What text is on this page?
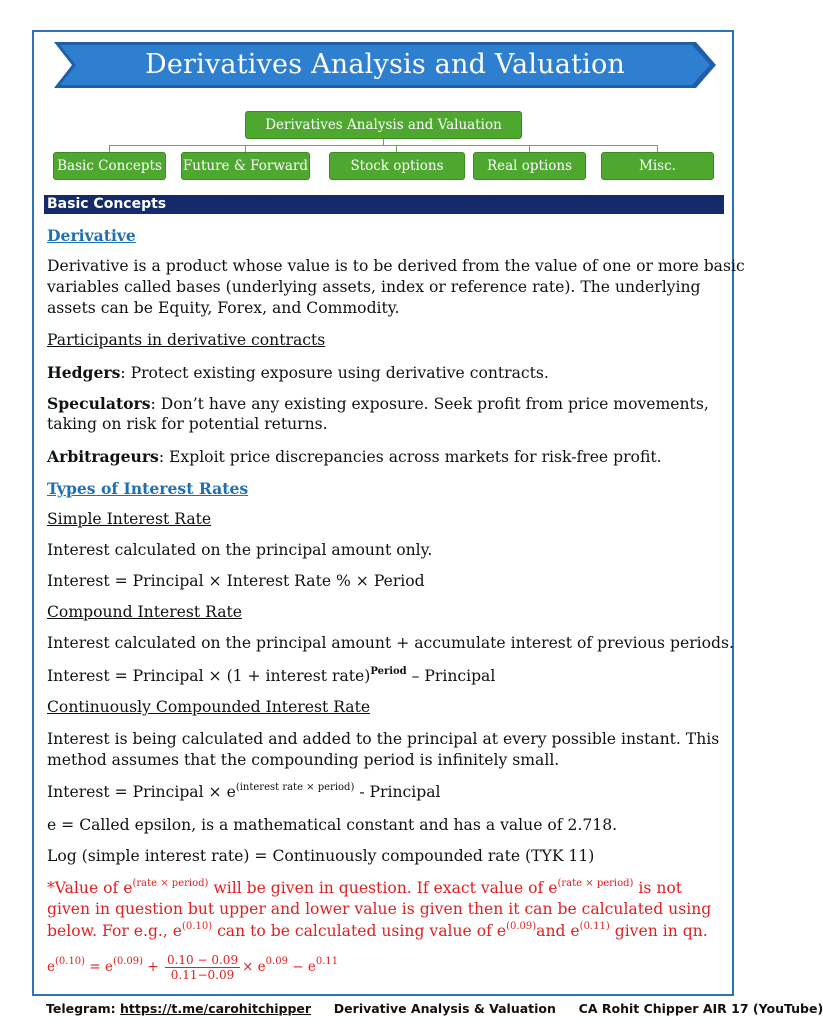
Derivatives Analysis and Valuation
Derivatives Analysis and Valuation
Basic Concepts	Future & Forward	Stock options	Real options	Misc.
Basic Concepts
Derivative
Derivative is a product whose value is to be derived from the value of one or more basic
variables called bases (underlying assets, index or reference rate). The underlying
assets can be Equity, Forex, and Commodity.
Participants in derivative contracts
Hedgers: Protect existing exposure using derivative contracts.
Speculators: Don’t have any existing exposure. Seek profit from price movements,
taking on risk for potential returns.
Arbitrageurs: Exploit price discrepancies across markets for risk-free profit.
Types of Interest Rates
Simple Interest Rate
Interest calculated on the principal amount only.
Interest = Principal × Interest Rate % × Period
Compound Interest Rate
Interest calculated on the principal amount + accumulate interest of previous periods.
Interest = Principal × (1 + interest rate)$^{Period}$ – Principal
Continuously Compounded Interest Rate
Interest is being calculated and added to the principal at every possible instant. This
method assumes that the compounding period is infinitely small.
Interest = Principal × $e^{(interest rate \times period)}$ - Principal
e = Called epsilon, is a mathematical constant and has a value of 2.718.
Log (simple interest rate) = Continuously compounded rate (TYK 11)
*Value of $e^{(rate \times period)}$ will be given in question. If exact value of $e^{(rate \times period)}$ is not
given in question but upper and lower value is given then it can be calculated using
below. For e.g., $e^{(0.10)}$ can to be calculated using value of $e^{(0.09)}and$ $e^{(0.11)}$ given in qn.
$e^{(0.10)} = e^{(0.09)} + \frac{0.10 - 0.09}{0.11-0.09} \times e^{0.09} - e^{0.11}$
Telegram: https://t.me/carohitchipper Derivative Analysis & Valuation CA Rohit Chipper AIR 17 (YouTube)
